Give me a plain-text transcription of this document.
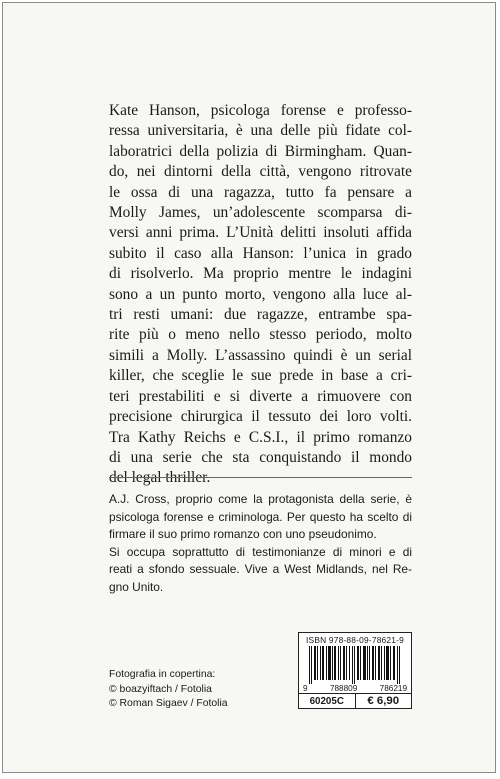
Kate Hanson, psicologa forense e professo-
ressa universitaria, è una delle più fidate col-
laboratrici della polizia di Birmingham. Quan-
do, nei dintorni della città, vengono ritrovate
le ossa di una ragazza, tutto fa pensare a
Molly James, un’adolescente scomparsa di-
versi anni prima. L’Unità delitti insoluti affida
subito il caso alla Hanson: l’unica in grado
di risolverlo. Ma proprio mentre le indagini
sono a un punto morto, vengono alla luce al-
tri resti umani: due ragazze, entrambe spa-
rite più o meno nello stesso periodo, molto
simili a Molly. L’assassino quindi è un serial
killer, che sceglie le sue prede in base a cri-
teri prestabiliti e si diverte a rimuovere con
precisione chirurgica il tessuto dei loro volti.
Tra Kathy Reichs e C.S.I., il primo romanzo
di una serie che sta conquistando il mondo
del legal thriller.
A.J. Cross, proprio come la protagonista della serie, è
psicologa forense e criminologa. Per questo ha scelto di
firmare il suo primo romanzo con uno pseudonimo.
Si occupa soprattutto di testimonianze di minori e di
reati a sfondo sessuale. Vive a West Midlands, nel Re-
gno Unito.
Fotografia in copertina:
© boazyiftach / Fotolia
© Roman Sigaev / Fotolia
ISBN 978-88-09-78621-9
9	788809	786219
60205C	€ 6,90
